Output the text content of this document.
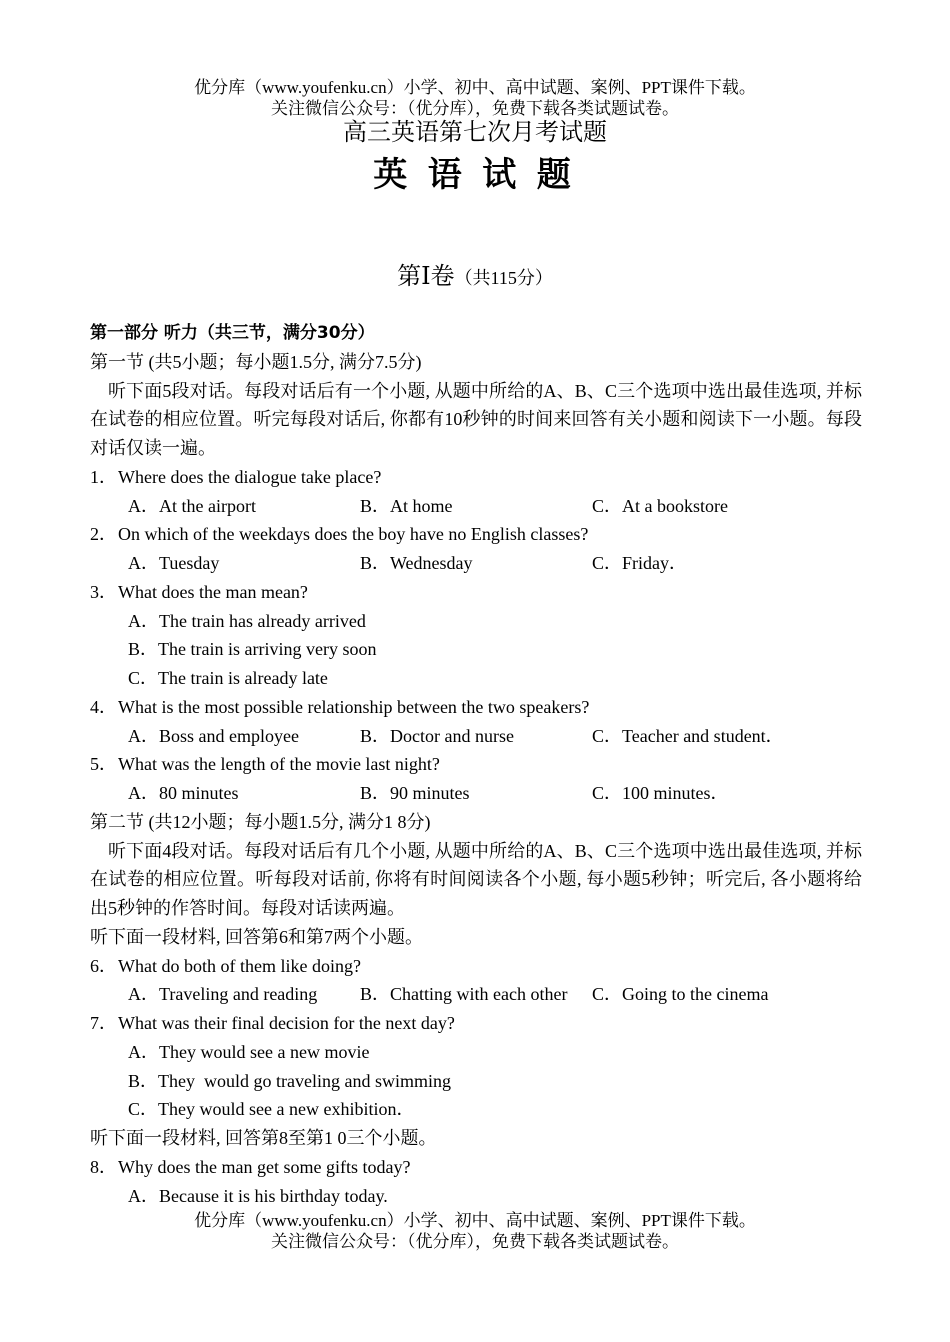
优分库（www.youfenku.cn）小学、初中、高中试题、案例、PPT课件下载。
关注微信公众号：（优分库），免费下载各类试题试卷。
高三英语第七次月考试题
英 语 试 题
第Ⅰ卷（共115分）
第一部分 听力（共三节，满分30分）
第一节 (共5小题；每小题1.5分, 满分7.5分)
听下面5段对话。每段对话后有一个小题, 从题中所给的A、B、C三个选项中选出最佳选项, 并标在试卷的相应位置。听完每段对话后, 你都有10秒钟的时间来回答有关小题和阅读下一小题。每段对话仅读一遍。
1．Where does the dialogue take place?
A．At the airport	B．At home	C．At a bookstore
2．On which of the weekdays does the boy have no English classes?
A．Tuesday	B．Wednesday	C．Friday．
3．What does the man mean?
A．The train has already arrived
B．The train is arriving very soon
C．The train is already late
4．What is the most possible relationship between the two speakers?
A．Boss and employee	B．Doctor and nurse	C．Teacher and student．
5．What was the length of the movie last night?
A．80 minutes	B．90 minutes	C．100 minutes．
第二节 (共12小题；每小题1.5分, 满分1 8分)
听下面4段对话。每段对话后有几个小题, 从题中所给的A、B、C三个选项中选出最佳选项, 并标在试卷的相应位置。听每段对话前, 你将有时间阅读各个小题, 每小题5秒钟；听完后, 各小题将给出5秒钟的作答时间。每段对话读两遍。
听下面一段材料, 回答第6和第7两个小题。
6．What do both of them like doing?
A．Traveling and reading B．Chatting with each other C．Going to the cinema
7．What was their final decision for the next day?
A．They would see a new movie
B．They  would go traveling and swimming
C．They would see a new exhibition．
听下面一段材料, 回答第8至第1 0三个小题。
8．Why does the man get some gifts today?
A．Because it is his birthday today.
优分库（www.youfenku.cn）小学、初中、高中试题、案例、PPT课件下载。
关注微信公众号：（优分库），免费下载各类试题试卷。
